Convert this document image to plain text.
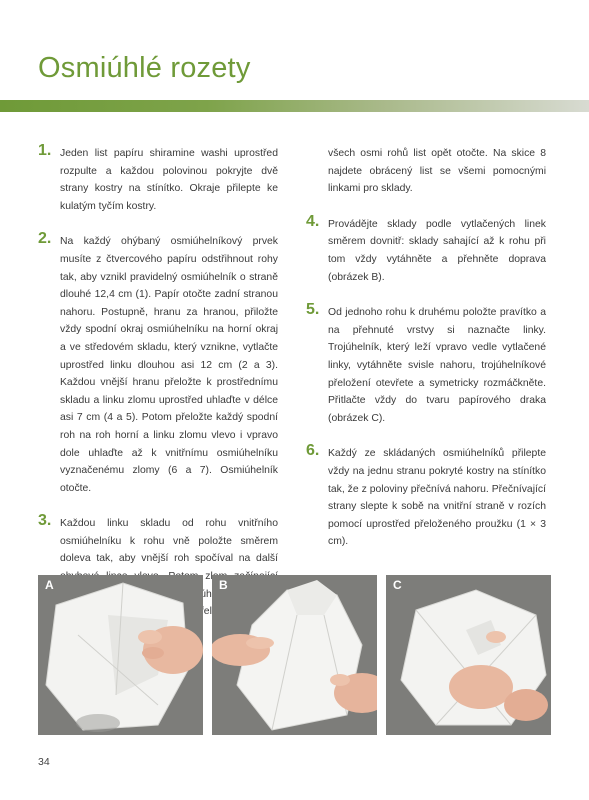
Osmiúhlé rozety
1. Jeden list papíru shiramine washi uprostřed rozpulte a každou polovinou pokryjte dvě strany kostry na stínítko. Okraje přilepte ke kulatým tyčím kostry.
2. Na každý ohýbaný osmiúhelníkový prvek musíte z čtvercového papíru odstřihnout rohy tak, aby vznikl pravidelný osmiúhelník o straně dlouhé 12,4 cm (1). Papír otočte zadní stranou nahoru. Postupně, hranu za hranou, přiložte vždy spodní okraj osmiúhelníku na horní okraj a ve středovém skladu, který vznikne, vytlačte uprostřed linku dlouhou asi 12 cm (2 a 3). Každou vnější hranu přeložte k prostřednímu skladu a linku zlomu uprostřed uhlaďte v délce asi 7 cm (4 a 5). Potom přeložte každý spodní roh na roh horní a linku zlomu vlevo i vpravo dole uhlaďte až k vnitřnímu osmiúhelníku vyznačenému zlomy (6 a 7). Osmiúhelník otočte.
3. Každou linku skladu od rohu vnitřního osmiúhelníku k rohu vně položte směrem doleva tak, aby vnější roh spočíval na další osmiúhelníku
všech osmi rohů list opět otočte. Na skice 8 najdete obrácený list se všemi pomocnými linkami pro sklady.
4. Provádějte sklady podle vytlačených linek směrem dovnitř: sklady sahající až k rohu při tom vždy vytáhněte a přehněte doprava (obrázek B).
5. Od jednoho rohu k druhému položte pravítko a na přehnuté vrstvy si naznačte linky. Trojúhelník, který leží vpravo vedle vytlačené linky, vytáhněte svisle nahoru, trojúhelníkové přeložení otevřete a symetricky rozmáčkněte. Přitlačte vždy do tvaru papírového draka (obrázek C).
6. Každý ze skládaných osmiúhelníků přilepte vždy na jednu stranu pokryté kostry na stínítko tak, že z poloviny přečnívá nahoru. Přečnívající strany slepte k sobě na vnitřní straně v rozích pomocí uprostřed přeloženého proužku (1 × 3 cm).
A	B	C
34
